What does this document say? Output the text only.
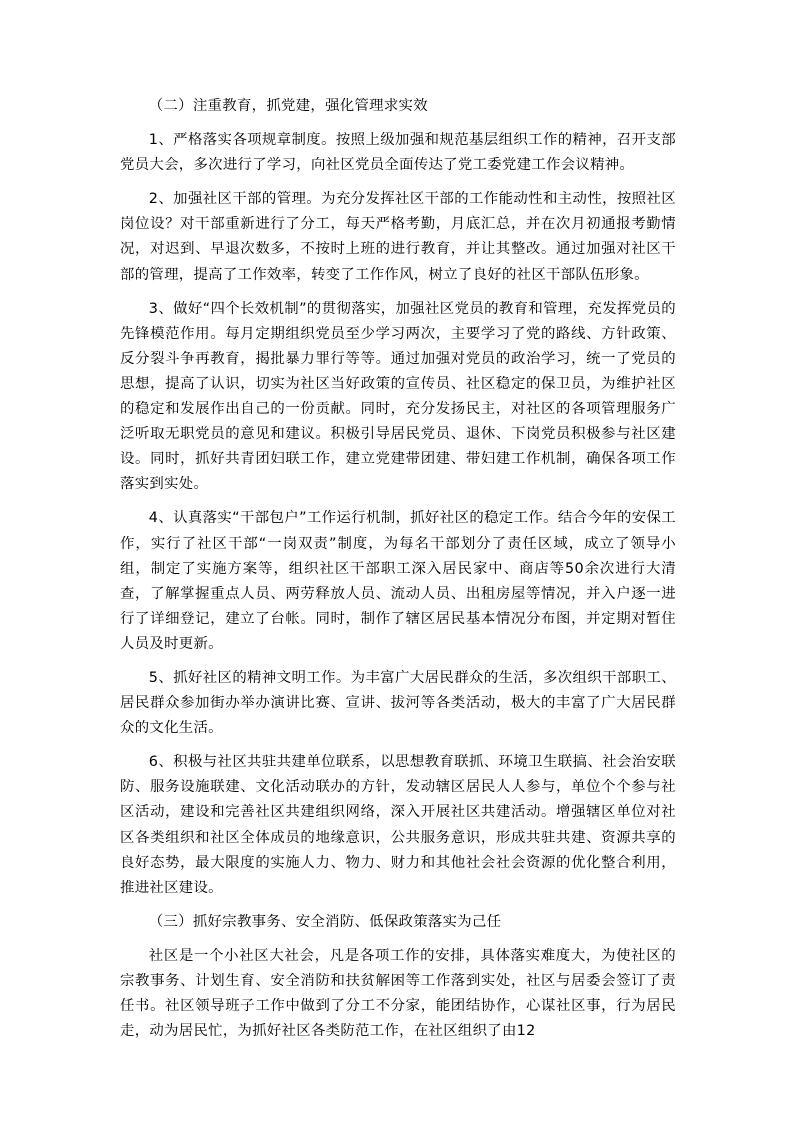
（二）注重教育，抓党建，强化管理求实效

1、严格落实各项规章制度。按照上级加强和规范基层组织工作的精神，召开支部党员大会，多次进行了学习，向社区党员全面传达了党工委党建工作会议精神。

2、加强社区干部的管理。为充分发挥社区干部的工作能动性和主动性，按照社区岗位设？对干部重新进行了分工，每天严格考勤，月底汇总，并在次月初通报考勤情况，对迟到、早退次数多，不按时上班的进行教育，并让其整改。通过加强对社区干部的管理，提高了工作效率，转变了工作作风，树立了良好的社区干部队伍形象。

3、做好“四个长效机制”的贯彻落实，加强社区党员的教育和管理，充发挥党员的先锋模范作用。每月定期组织党员至少学习两次，主要学习了党的路线、方针政策、反分裂斗争再教育，揭批暴力罪行等等。通过加强对党员的政治学习，统一了党员的思想，提高了认识，切实为社区当好政策的宣传员、社区稳定的保卫员，为维护社区的稳定和发展作出自己的一份贡献。同时，充分发扬民主，对社区的各项管理服务广泛听取无职党员的意见和建议。积极引导居民党员、退休、下岗党员积极参与社区建设。同时，抓好共青团妇联工作，建立党建带团建、带妇建工作机制，确保各项工作落实到实处。

4、认真落实“干部包户”工作运行机制，抓好社区的稳定工作。结合今年的安保工作，实行了社区干部“一岗双责”制度，为每名干部划分了责任区域，成立了领导小组，制定了实施方案等，组织社区干部职工深入居民家中、商店等50余次进行大清查，了解掌握重点人员、两劳释放人员、流动人员、出租房屋等情况，并入户逐一进行了详细登记，建立了台帐。同时，制作了辖区居民基本情况分布图，并定期对暂住人员及时更新。

5、抓好社区的精神文明工作。为丰富广大居民群众的生活，多次组织干部职工、居民群众参加街办举办演讲比赛、宣讲、拔河等各类活动，极大的丰富了广大居民群众的文化生活。

6、积极与社区共驻共建单位联系，以思想教育联抓、环境卫生联搞、社会治安联防、服务设施联建、文化活动联办的方针，发动辖区居民人人参与，单位个个参与社区活动，建设和完善社区共建组织网络，深入开展社区共建活动。增强辖区单位对社区各类组织和社区全体成员的地缘意识，公共服务意识，形成共驻共建、资源共享的良好态势，最大限度的实施人力、物力、财力和其他社会社会资源的优化整合利用，推进社区建设。

（三）抓好宗教事务、安全消防、低保政策落实为己任

社区是一个小社区大社会，凡是各项工作的安排，具体落实难度大，为使社区的宗教事务、计划生育、安全消防和扶贫解困等工作落到实处，社区与居委会签订了责任书。社区领导班子工作中做到了分工不分家，能团结协作，心谋社区事，行为居民走，动为居民忙，为抓好社区各类防范工作，在社区组织了由12
